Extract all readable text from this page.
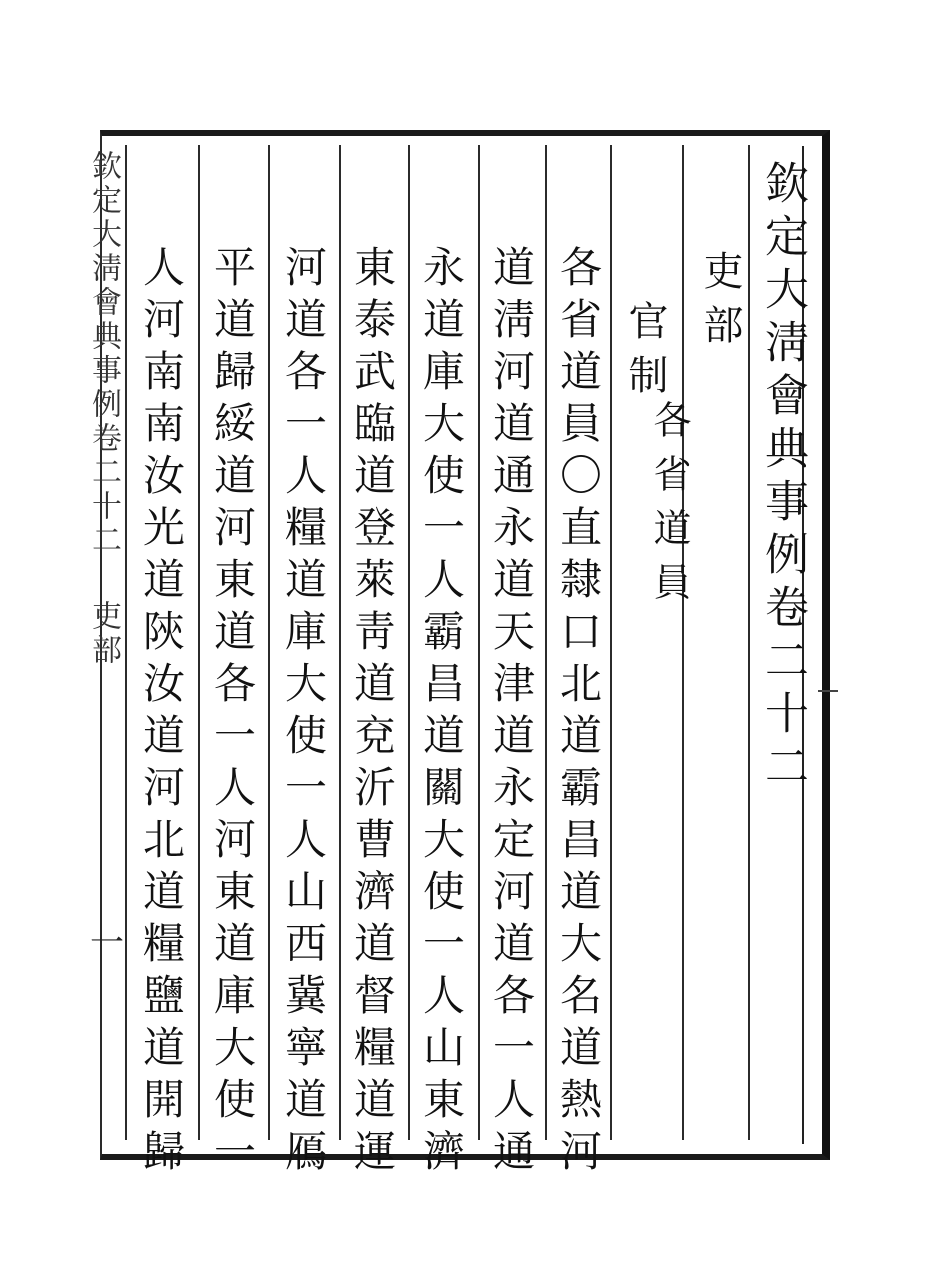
欽定大淸會典事例卷二十二
吏部
官制
各省道員
各省道員〇直隸口北道霸昌道大名道熱河
道淸河道通永道天津道永定河道各一人通
永道庫大使一人霸昌道關大使一人山東濟
東泰武臨道登萊靑道兗沂曹濟道督糧道運
河道各一人糧道庫大使一人山西冀寧道鴈
平道歸綏道河東道各一人河東道庫大使一
人河南南汝光道陝汝道河北道糧鹽道開歸
欽定大淸會典事例卷二十二
吏部
一
